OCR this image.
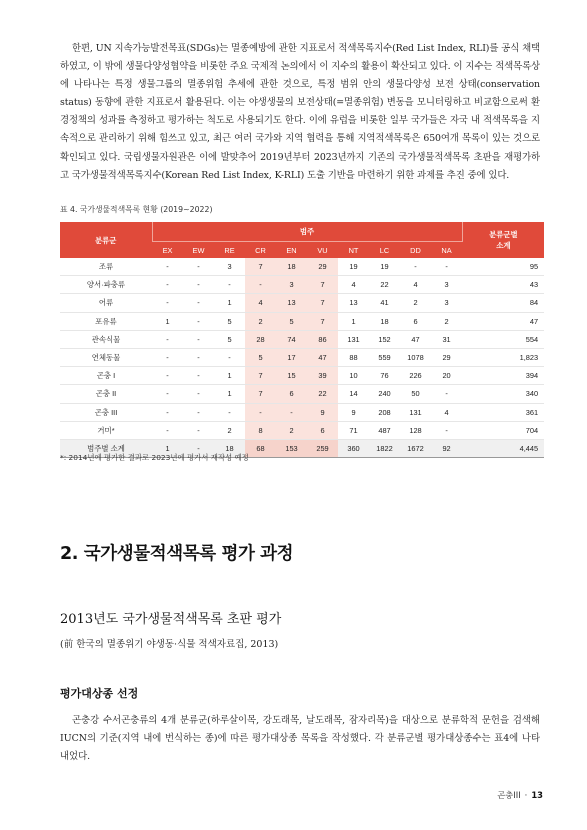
한편, UN 지속가능발전목표(SDGs)는 멸종예방에 관한 지표로서 적색목록지수(Red List Index, RLI)를 공식 채택하였고, 이 밖에 생물다양성협약을 비롯한 주요 국제적 논의에서 이 지수의 활용이 확산되고 있다. 이 지수는 적색목록상에 나타나는 특정 생물그룹의 멸종위험 추세에 관한 것으로, 특정 범위 안의 생물다양성 보전 상태(conservation status) 동향에 관한 지표로서 활용된다. 이는 야생생물의 보전상태(=멸종위험) 변동을 모니터링하고 비교함으로써 환경정책의 성과를 측정하고 평가하는 척도로 사용되기도 한다. 이에 유럽을 비롯한 일부 국가들은 자국 내 적색목록을 지속적으로 관리하기 위해 힘쓰고 있고, 최근 여러 국가와 지역 협력을 통해 지역적색목록은 650여개 목록이 있는 것으로 확인되고 있다. 국립생물자원관은 이에 발맞추어 2019년부터 2023년까지 기존의 국가생물적색목록 초판을 재평가하고 국가생물적색목록지수(Korean Red List Index, K-RLI) 도출 기반을 마련하기 위한 과제를 추진 중에 있다.

표 4. 국가생물적색목록 현황 (2019~2022)
분류군	범주										분류군별
소계

	EX	EW	RE	CR	EN	VU	NT	LC	DD	NA	
조류	-	-	3	7	18	29	19	19	-	-	95
양서·파충류	-	-	-	-	3	7	4	22	4	3	43
어류	-	-	1	4	13	7	13	41	2	3	84
포유류	1	-	5	2	5	7	1	18	6	2	47
관속식물	-	-	5	28	74	86	131	152	47	31	554
연체동물	-	-	-	5	17	47	88	559	1078	29	1,823
곤충 I	-	-	1	7	15	39	10	76	226	20	394
곤충 II	-	-	1	7	6	22	14	240	50	-	340
곤충 III	-	-	-	-	-	9	9	208	131	4	361
거미*	-	-	2	8	2	6	71	487	128	-	704
범주별 소계	1	-	18	68	153	259	360	1822	1672	92	4,445
*: 2014년에 평가한 결과로 2023년에 평가서 재작성 예정
2. 국가생물적색목록 평가 과정
2013년도 국가생물적색목록 초판 평가
(前 한국의 멸종위기 야생동·식물 적색자료집, 2013)
평가대상종 선정

곤충강 수서곤충류의 4개 분류군(하루살이목, 강도래목, 날도래목, 잠자리목)을 대상으로 분류학적 문헌을 검색해 IUCN의 기준(지역 내에 번식하는 종)에 따른 평가대상종 목록을 작성했다. 각 분류군별 평가대상종수는 표4에 나타내었다.

곤충III · 13
